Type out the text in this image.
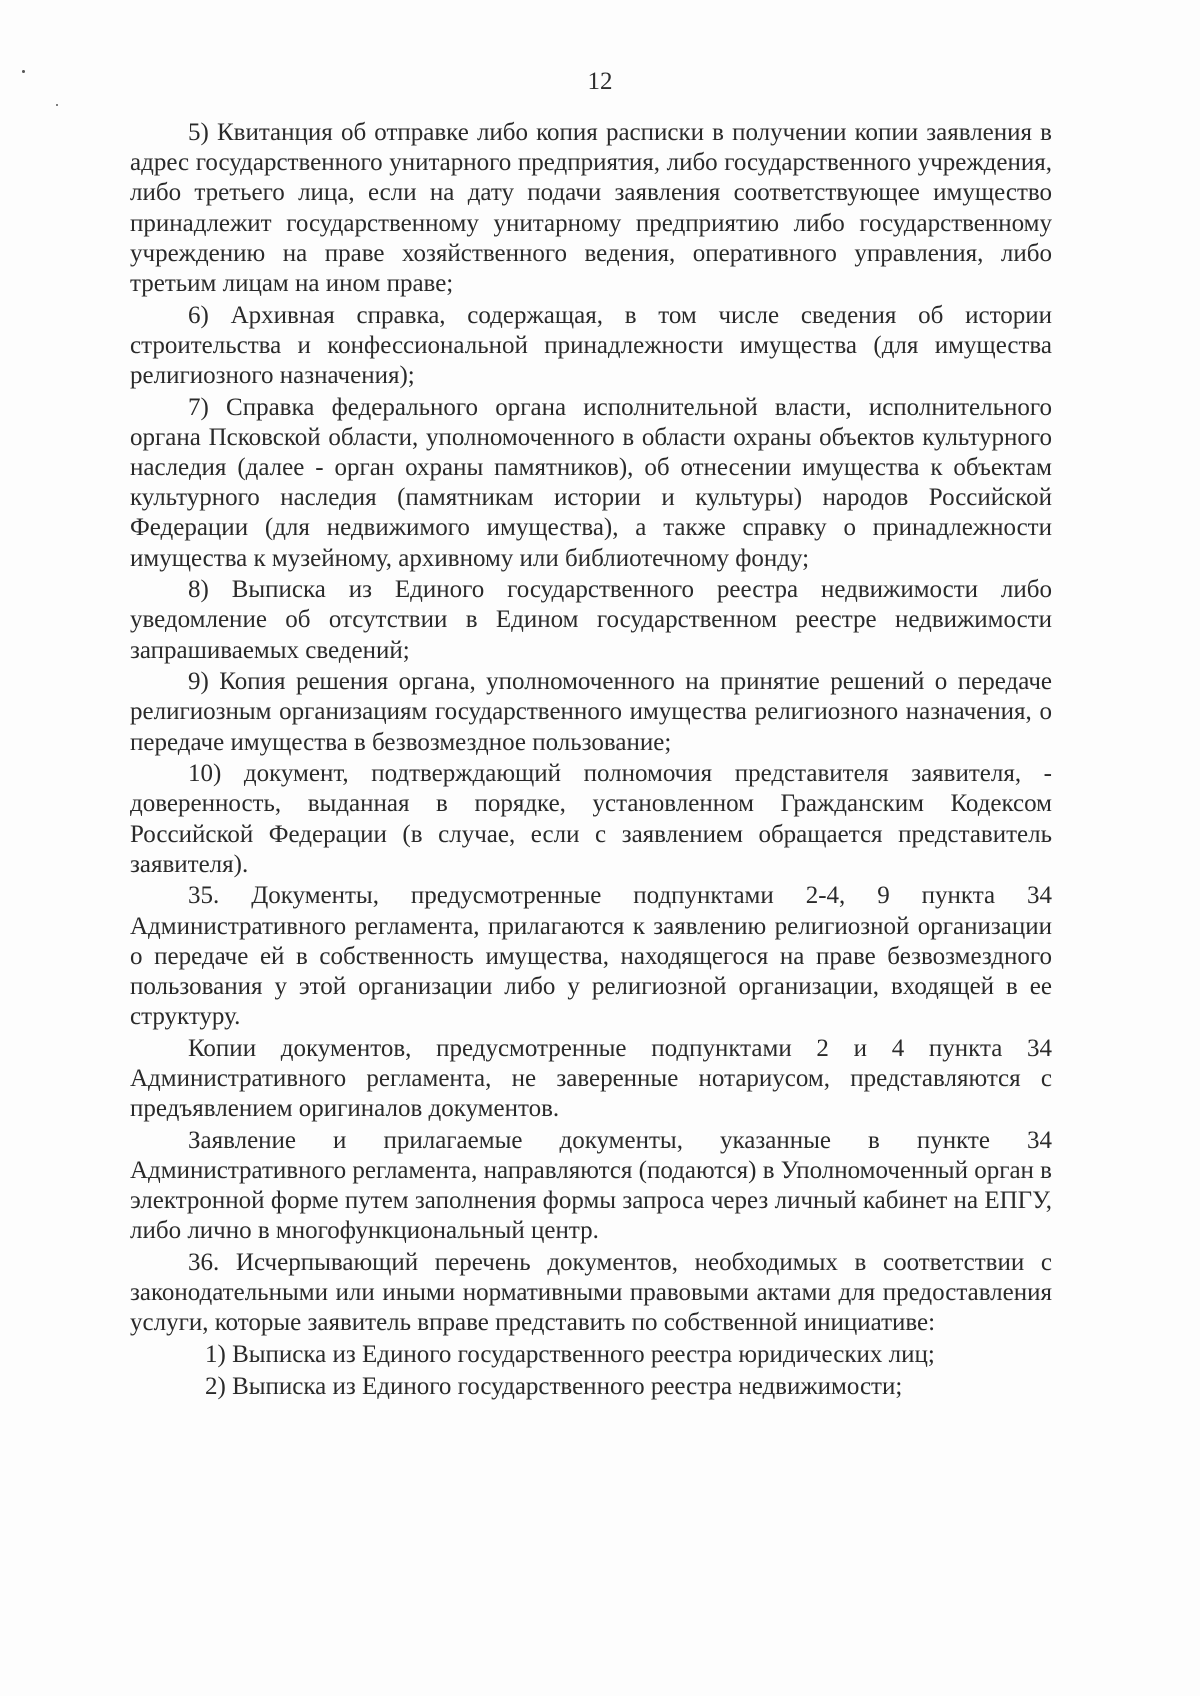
12

5) Квитанция об отправке либо копия расписки в получении копии заявления в адрес государственного унитарного предприятия, либо государственного учреждения, либо третьего лица, если на дату подачи заявления соответствующее имущество принадлежит государственному унитарному предприятию либо государственному учреждению на праве хозяйственного ведения, оперативного управления, либо третьим лицам на ином праве;

6) Архивная справка, содержащая, в том числе сведения об истории строительства и конфессиональной принадлежности имущества (для имущества религиозного назначения);

7) Справка федерального органа исполнительной власти, исполнительного органа Псковской области, уполномоченного в области охраны объектов культурного наследия (далее - орган охраны памятников), об отнесении имущества к объектам культурного наследия (памятникам истории и культуры) народов Российской Федерации (для недвижимого имущества), а также справку о принадлежности имущества к музейному, архивному или библиотечному фонду;

8) Выписка из Единого государственного реестра недвижимости либо уведомление об отсутствии в Едином государственном реестре недвижимости запрашиваемых сведений;

9) Копия решения органа, уполномоченного на принятие решений о передаче религиозным организациям государственного имущества религиозного назначения, о передаче имущества в безвозмездное пользование;

10) документ, подтверждающий полномочия представителя заявителя, - доверенность, выданная в порядке, установленном Гражданским Кодексом Российской Федерации (в случае, если с заявлением обращается представитель заявителя).

35. Документы, предусмотренные подпунктами 2-4, 9 пункта 34 Административного регламента, прилагаются к заявлению религиозной организации о передаче ей в собственность имущества, находящегося на праве безвозмездного пользования у этой организации либо у религиозной организации, входящей в ее структуру.

Копии документов, предусмотренные подпунктами 2 и 4 пункта 34 Административного регламента, не заверенные нотариусом, представляются с предъявлением оригиналов документов.

Заявление и прилагаемые документы, указанные в пункте 34 Административного регламента, направляются (подаются) в Уполномоченный орган в электронной форме путем заполнения формы запроса через личный кабинет на ЕПГУ, либо лично в многофункциональный центр.

36. Исчерпывающий перечень документов, необходимых в соответствии с законодательными или иными нормативными правовыми актами для предоставления услуги, которые заявитель вправе представить по собственной инициативе:

1) Выписка из Единого государственного реестра юридических лиц;

2) Выписка из Единого государственного реестра недвижимости;
